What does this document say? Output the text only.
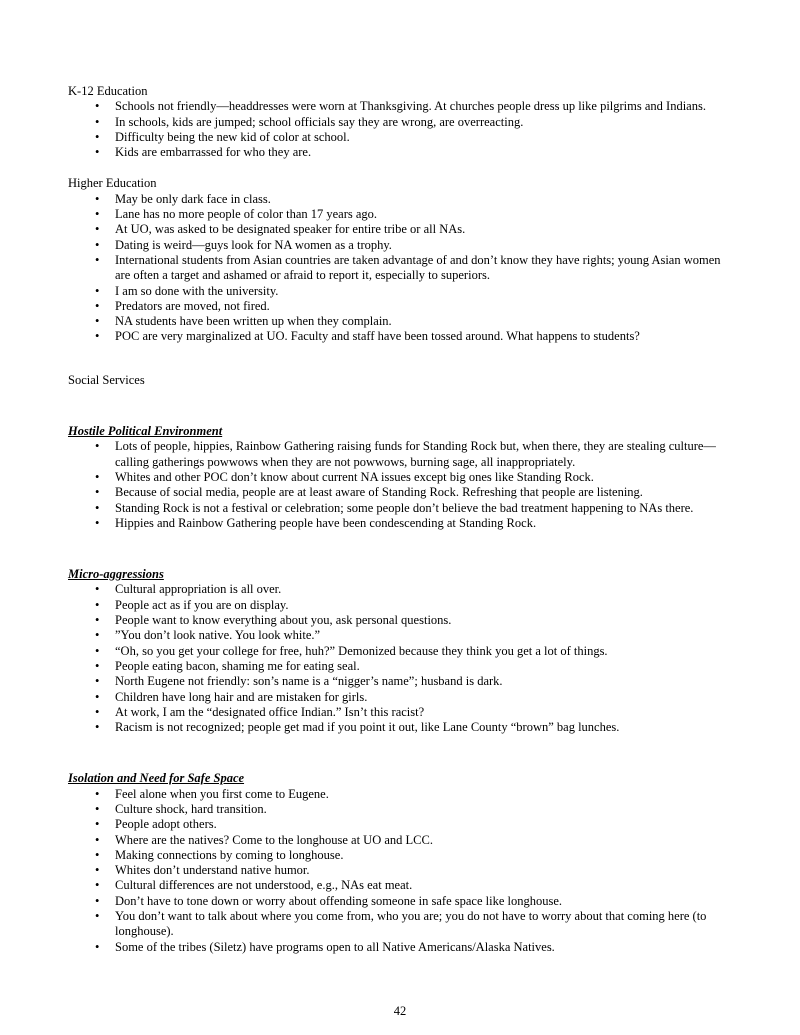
K-12 Education
•	Schools not friendly—headdresses were worn at Thanksgiving. At churches people dress up like pilgrims and Indians.
•	In schools, kids are jumped; school officials say they are wrong, are overreacting.
•	Difficulty being the new kid of color at school.
•	Kids are embarrassed for who they are.
Higher Education
•	May be only dark face in class.
•	Lane has no more people of color than 17 years ago.
•	At UO, was asked to be designated speaker for entire tribe or all NAs.
•	Dating is weird—guys look for NA women as a trophy.
•	International students from Asian countries are taken advantage of and don’t know they have rights; young Asian women are often a target and ashamed or afraid to report it, especially to superiors.
•	I am so done with the university.
•	Predators are moved, not fired.
•	NA students have been written up when they complain.
•	POC are very marginalized at UO. Faculty and staff have been tossed around. What happens to students?
Social Services
Hostile Political Environment
•	Lots of people, hippies, Rainbow Gathering raising funds for Standing Rock but, when there, they are stealing culture—calling gatherings powwows when they are not powwows, burning sage, all inappropriately.
•	Whites and other POC don’t know about current NA issues except big ones like Standing Rock.
•	Because of social media, people are at least aware of Standing Rock. Refreshing that people are listening.
•	Standing Rock is not a festival or celebration; some people don’t believe the bad treatment happening to NAs there.
•	Hippies and Rainbow Gathering people have been condescending at Standing Rock.
Micro-aggressions
•	Cultural appropriation is all over.
•	People act as if you are on display.
•	People want to know everything about you, ask personal questions.
•	”You don’t look native. You look white.”
•	“Oh, so you get your college for free, huh?” Demonized because they think you get a lot of things.
•	People eating bacon, shaming me for eating seal.
•	North Eugene not friendly: son’s name is a “nigger’s name”; husband is dark.
•	Children have long hair and are mistaken for girls.
•	At work, I am the “designated office Indian.” Isn’t this racist?
•	Racism is not recognized; people get mad if you point it out, like Lane County “brown” bag lunches.
Isolation and Need for Safe Space
•	Feel alone when you first come to Eugene.
•	Culture shock, hard transition.
•	People adopt others.
•	Where are the natives? Come to the longhouse at UO and LCC.
•	Making connections by coming to longhouse.
•	Whites don’t understand native humor.
•	Cultural differences are not understood, e.g., NAs eat meat.
•	Don’t have to tone down or worry about offending someone in safe space like longhouse.
•	You don’t want to talk about where you come from, who you are; you do not have to worry about that coming here (to longhouse).
•	Some of the tribes (Siletz) have programs open to all Native Americans/Alaska Natives.
42
